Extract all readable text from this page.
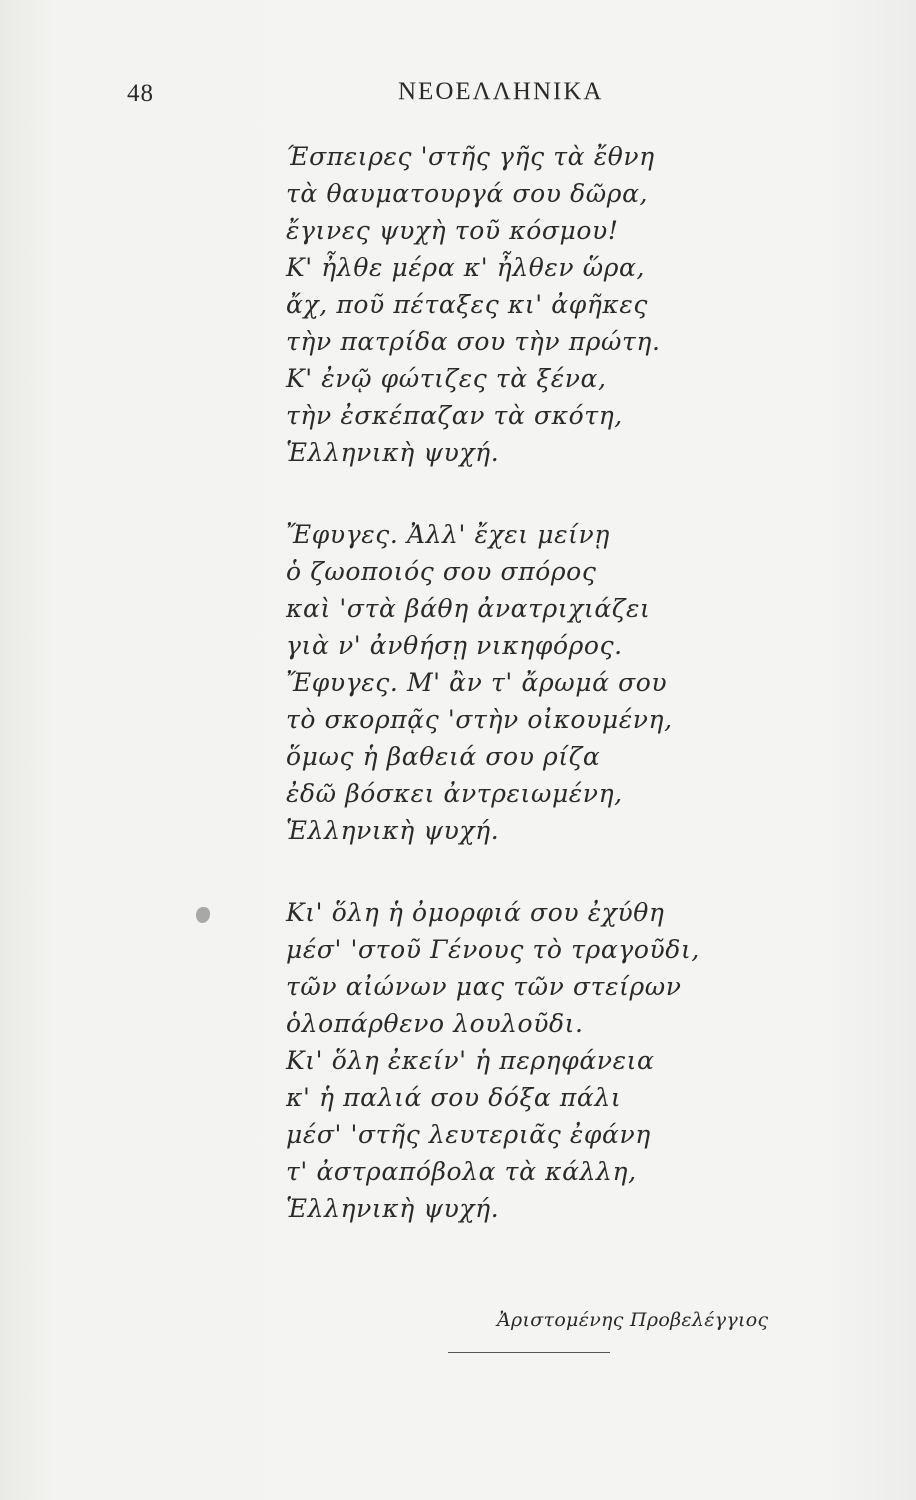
48	ΝΕΟΕΛΛΗΝΙΚΑ
Έσπειρες 'στῆς γῆς τὰ ἔθνη
τὰ θαυματουργά σου δῶρα,
ἔγινες ψυχὴ τοῦ κόσμου!
Κ' ἦλθε μέρα κ' ἦλθεν ὥρα,
ἄχ, ποῦ πέταξες κι' ἀφῆκες
τὴν πατρίδα σου τὴν πρώτη.
Κ' ἐνῷ φώτιζες τὰ ξένα,
τὴν ἐσκέπαζαν τὰ σκότη,
Ἑλληνικὴ ψυχή.
Ἔφυγες. Ἀλλ' ἔχει μείνῃ
ὁ ζωοποιός σου σπόρος
καὶ 'στὰ βάθη ἀνατριχιάζει
γιὰ ν' ἀνθήσῃ νικηφόρος.
Ἔφυγες. Μ' ἂν τ' ἄρωμά σου
τὸ σκορπᾷς 'στὴν οἰκουμένη,
ὅμως ἡ βαθειά σου ρίζα
ἐδῶ βόσκει ἀντρειωμένη,
Ἑλληνικὴ ψυχή.
Κι' ὅλη ἡ ὀμορφιά σου ἐχύθη
μέσ' 'στοῦ Γένους τὸ τραγοῦδι,
τῶν αἰώνων μας τῶν στείρων
ὁλοπάρθενο λουλοῦδι.
Κι' ὅλη ἐκείν' ἡ περηφάνεια
κ' ἡ παλιά σου δόξα πάλι
μέσ' 'στῆς λευτεριᾶς ἐφάνη
τ' ἀστραπόβολα τὰ κάλλη,
Ἑλληνικὴ ψυχή.
Ἀριστομένης Προβελέγγιος
